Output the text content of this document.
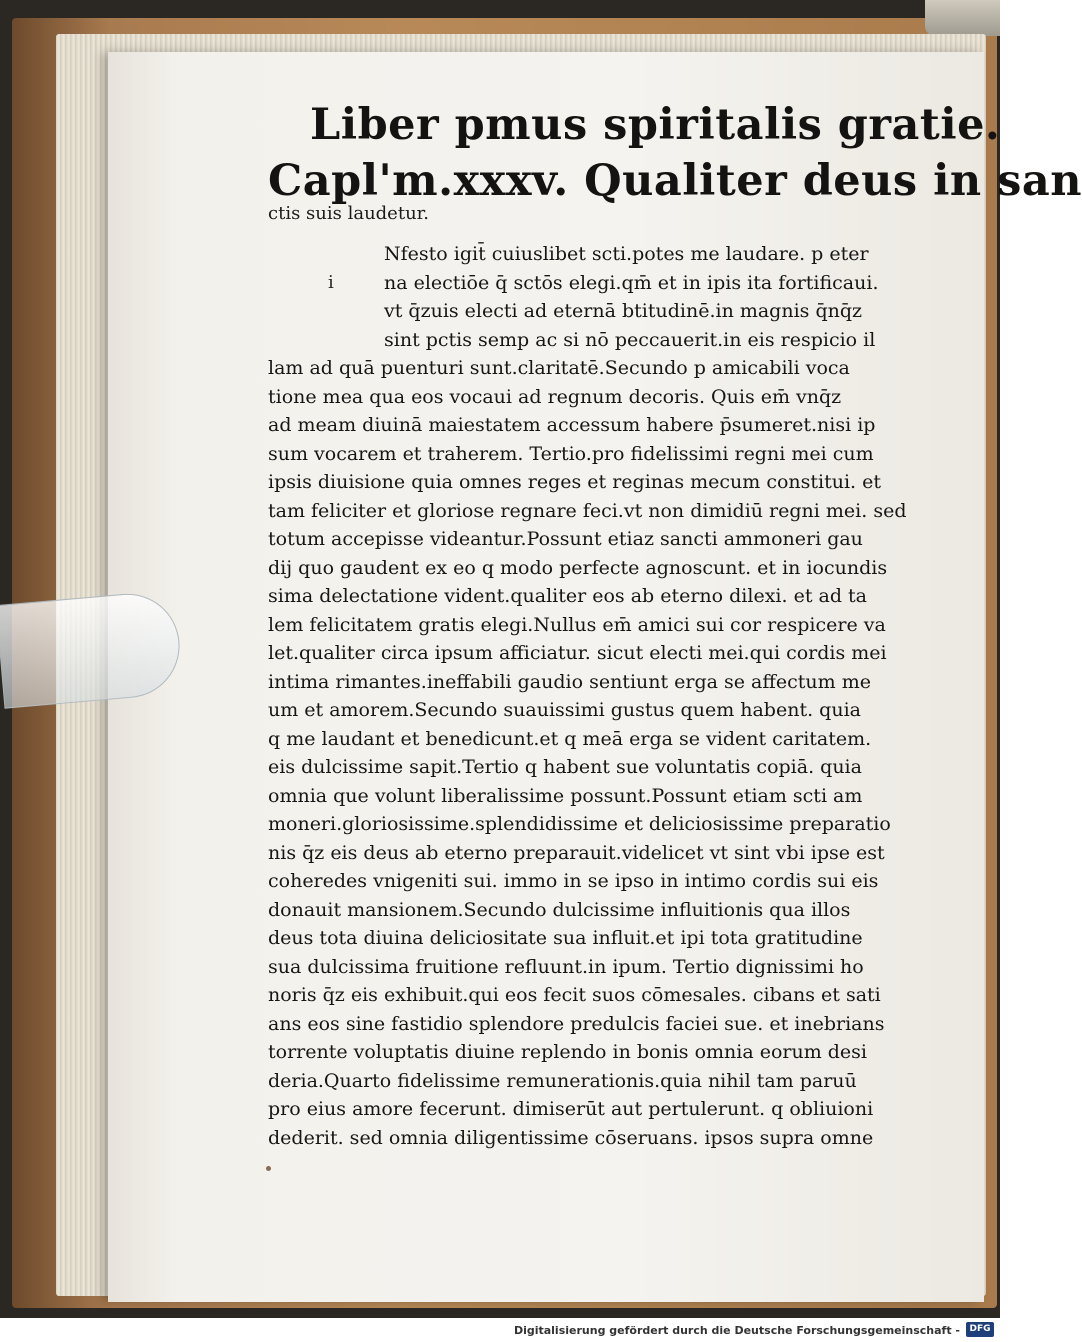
Liber pmus spiritalis gratie.
Capl'm.xxxv. Qualiter deus in san
ctis suis laudetur.
i
Nfesto igit̄ cuiuslibet scti.potes me laudare. p eter
na electiōe q̄ sctōs elegi.qm̄ et in ipis ita fortificaui.
vt q̄zuis electi ad eternā btitudinē.in magnis q̄nq̄z
sint pctis semp ac si nō peccauerit.in eis respicio il
lam ad quā puenturi sunt.claritatē.Secundo p amicabili voca
tione mea qua eos vocaui ad regnum decoris. Quis em̄ vnq̄z
ad meam diuinā maiestatem accessum habere p̄sumeret.nisi ip
sum vocarem et traherem. Tertio.pro fidelissimi regni mei cum
ipsis diuisione quia omnes reges et reginas mecum constitui. et
tam feliciter et gloriose regnare feci.vt non dimidiū regni mei. sed
totum accepisse videantur.Possunt etiaz sancti ammoneri gau
dij quo gaudent ex eo q modo perfecte agnoscunt. et in iocundis
sima delectatione vident.qualiter eos ab eterno dilexi. et ad ta
lem felicitatem gratis elegi.Nullus em̄ amici sui cor respicere va
let.qualiter circa ipsum afficiatur. sicut electi mei.qui cordis mei
intima rimantes.ineffabili gaudio sentiunt erga se affectum me
um et amorem.Secundo suauissimi gustus quem habent. quia
q me laudant et benedicunt.et q meā erga se vident caritatem.
eis dulcissime sapit.Tertio q habent sue voluntatis copiā. quia
omnia que volunt liberalissime possunt.Possunt etiam scti am
moneri.gloriosissime.splendidissime et deliciosissime preparatio
nis q̄z eis deus ab eterno preparauit.videlicet vt sint vbi ipse est
coheredes vnigeniti sui. immo in se ipso in intimo cordis sui eis
donauit mansionem.Secundo dulcissime influitionis qua illos
deus tota diuina deliciositate sua influit.et ipi tota gratitudine
sua dulcissima fruitione refluunt.in ipum. Tertio dignissimi ho
noris q̄z eis exhibuit.qui eos fecit suos cōmesales. cibans et sati
ans eos sine fastidio splendore predulcis faciei sue. et inebrians
torrente voluptatis diuine replendo in bonis omnia eorum desi
deria.Quarto fidelissime remunerationis.quia nihil tam paruū
pro eius amore fecerunt. dimiserūt aut pertulerunt. q obliuioni
dederit. sed omnia diligentissime cōseruans. ipsos supra omne
Digitalisierung gefördert durch die Deutsche Forschungsgemeinschaft -	DFG
